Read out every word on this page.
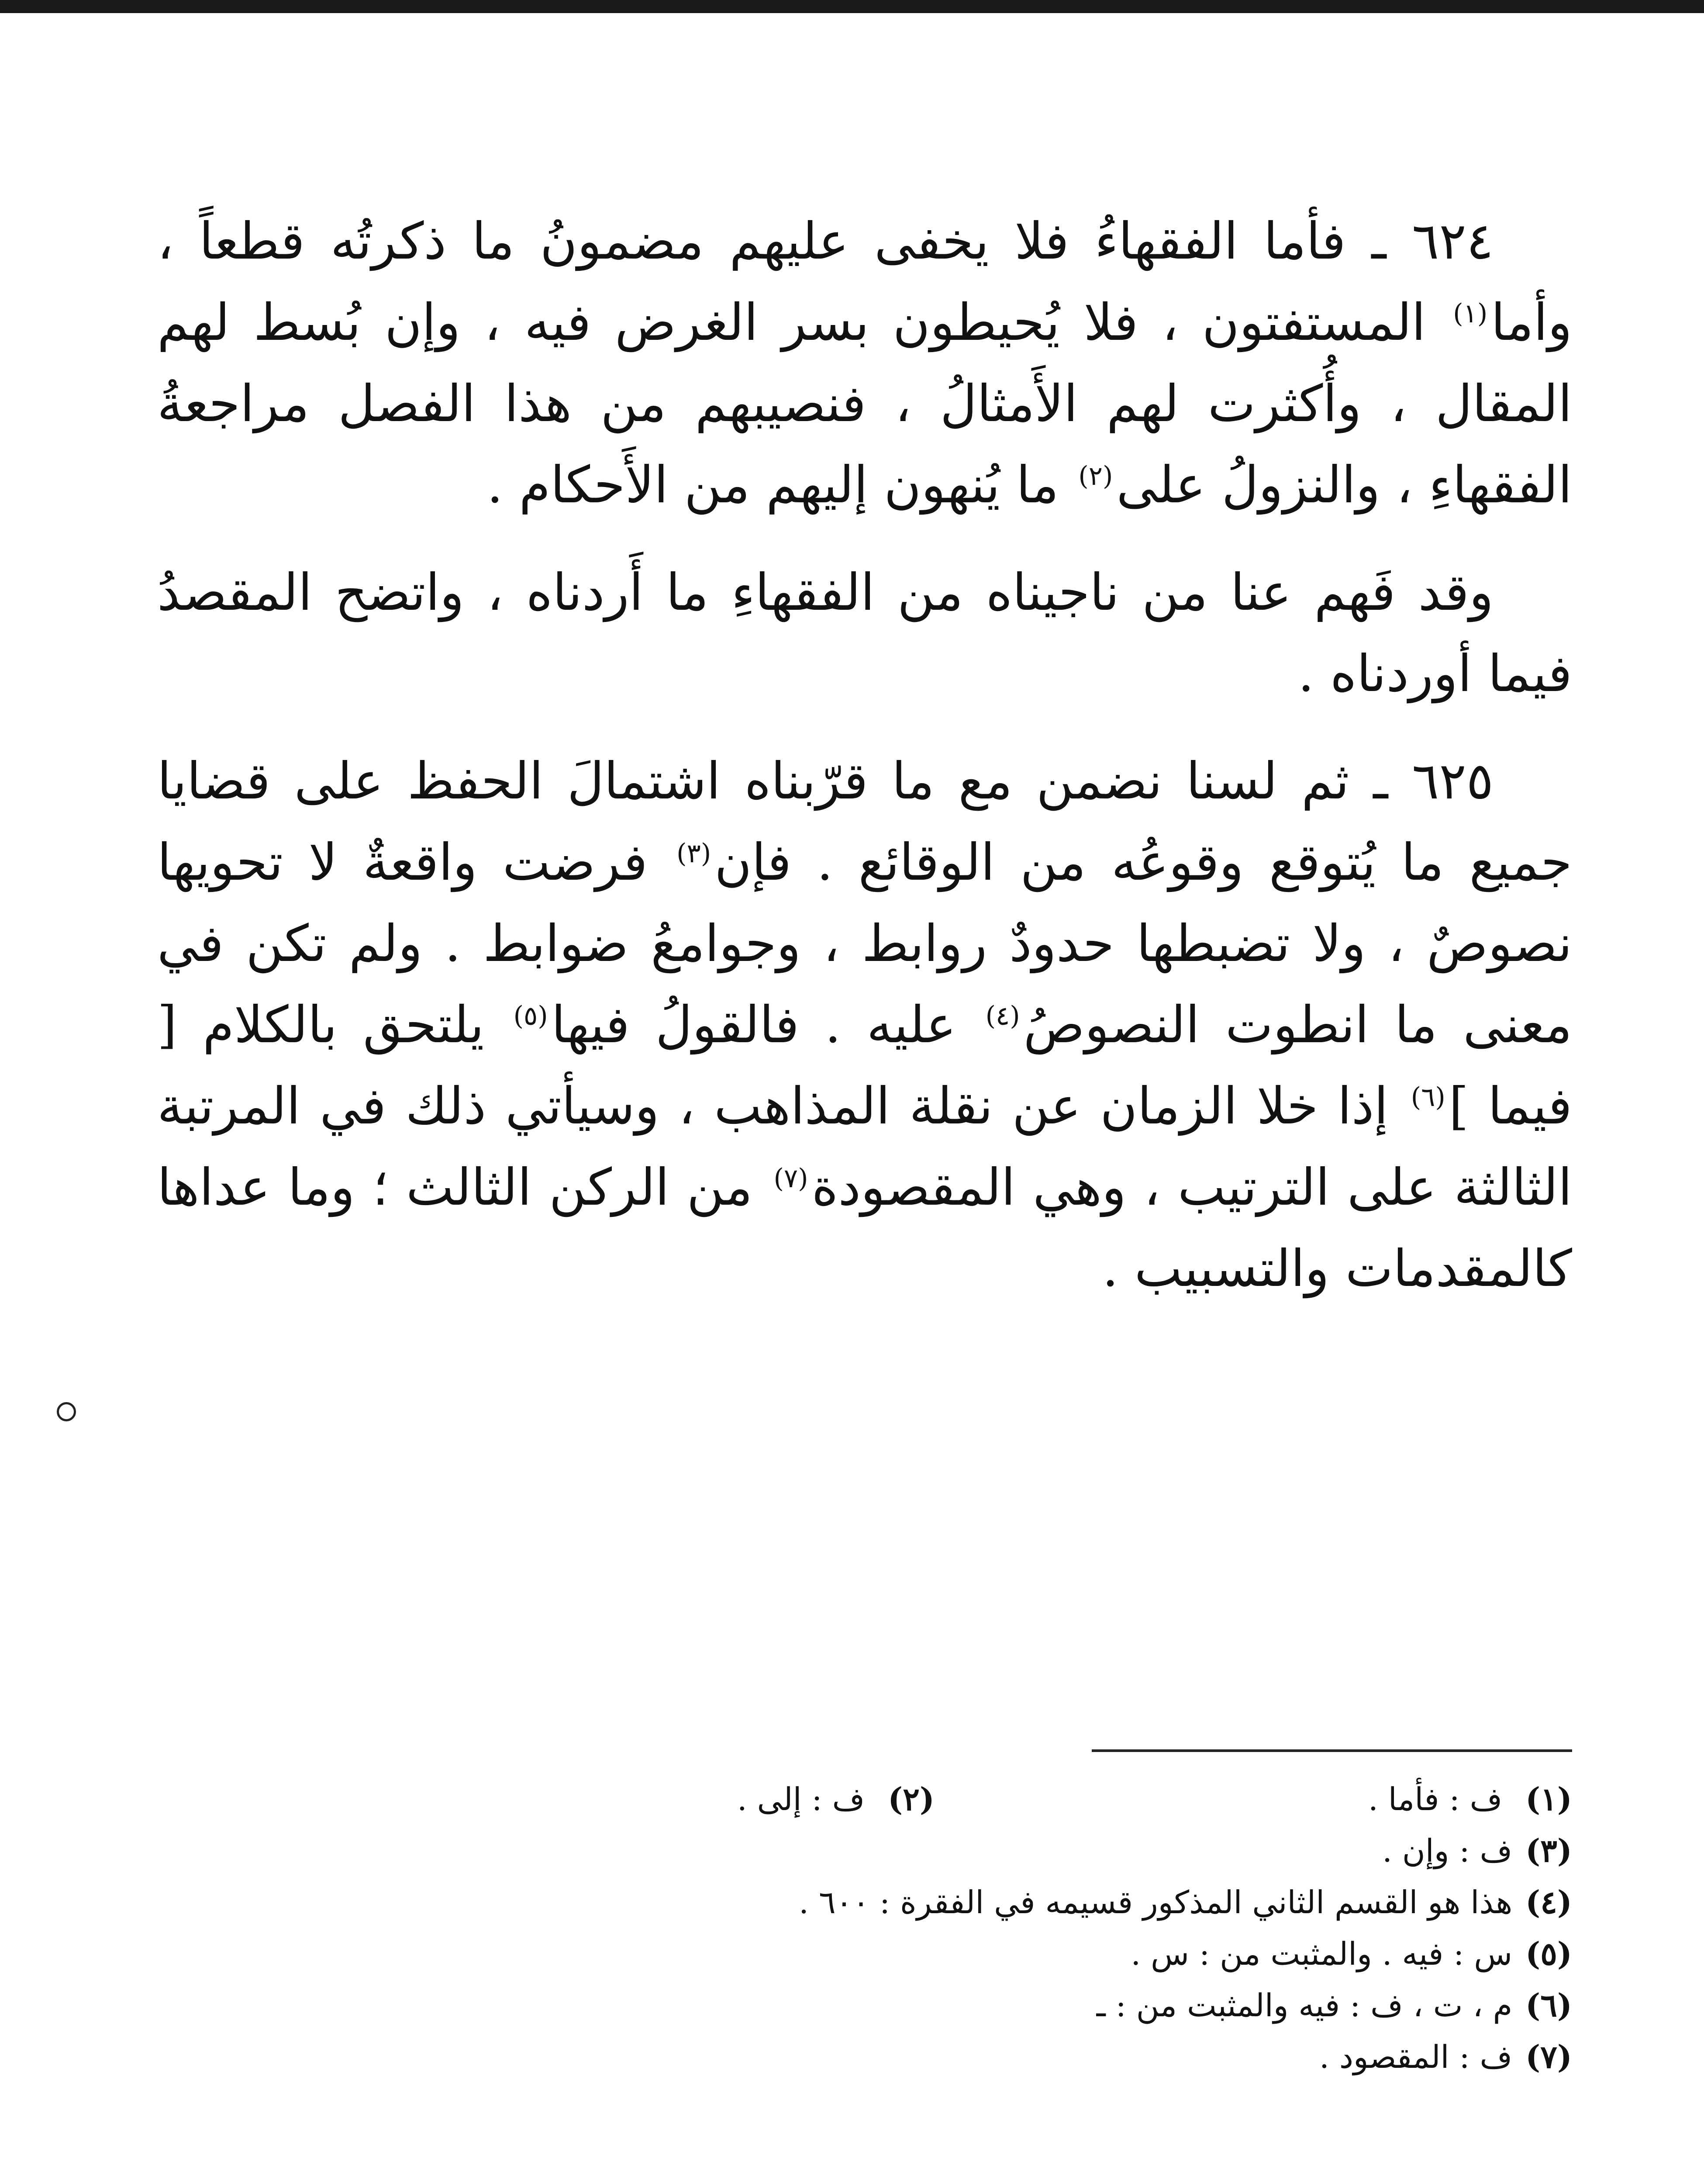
٦٢٤ ـ فأما الفقهاءُ فلا يخفى عليهم مضمونُ ما ذكرتُه قطعاً ، وأما$^{(١)}$ المستفتون ، فلا يُحيطون بسر الغرض فيه ، وإن بُسط لهم المقال ، وأُكثرت لهم الأَمثالُ ، فنصيبهم من هذا الفصل مراجعةُ الفقهاءِ ، والنزولُ على$^{(٢)}$ ما يُنهون إليهم من الأَحكام .

وقد فَهم عنا من ناجيناه من الفقهاءِ ما أَردناه ، واتضح المقصدُ فيما أوردناه .

٦٢٥ ـ ثم لسنا نضمن مع ما قرّبناه اشتمالَ الحفظ على قضايا جميع ما يُتوقع وقوعُه من الوقائع . فإن$^{(٣)}$ فرضت واقعةٌ لا تحويها نصوصٌ ، ولا تضبطها حدودٌ روابط ، وجوامعُ ضوابط . ولم تكن في معنى ما انطوت النصوصُ$^{(٤)}$ عليه . فالقولُ فيها$^{(٥)}$ يلتحق بالكلام [ فيما ]$^{(٦)}$ إذا خلا الزمان عن نقلة المذاهب ، وسيأتي ذلك في المرتبة الثالثة على الترتيب ، وهي المقصودة$^{(٧)}$ من الركن الثالث ؛ وما عداها كالمقدمات والتسبيب .

(١) ف : فأما .
(٢) ف : إلى .
(٣)
ف : وإن .
(٤)
هذا هو القسم الثاني المذكور قسيمه في الفقرة : ٦٠٠ .
(٥)
س : فيه . والمثبت من : س .
(٦)
م ، ت ، ف : فيه والمثبت من : ـ
(٧)
ف : المقصود .
